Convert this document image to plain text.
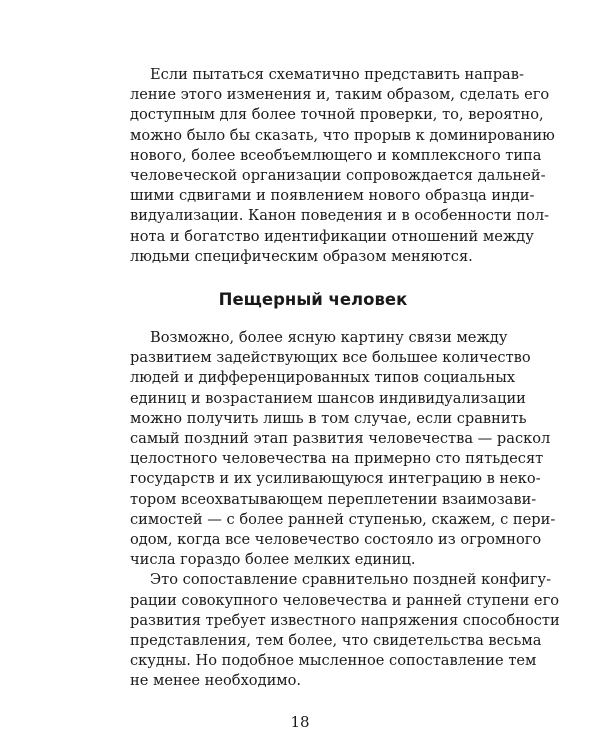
Если пытаться схематично представить направ-
ление этого изменения и, таким образом, сделать его
доступным для более точной проверки, то, вероятно,
можно было бы сказать, что прорыв к доминированию
нового, более всеобъемлющего и комплексного типа
человеческой организации сопровождается дальней-
шими сдвигами и появлением нового образца инди-
видуализации. Канон поведения и в особенности пол-
нота и богатство идентификации отношений между
людьми специфическим образом меняются.
Пещерный человек
Возможно, более ясную картину связи между
развитием задействующих все большее количество
людей и дифференцированных типов социальных
единиц и возрастанием шансов индивидуализации
можно получить лишь в том случае, если сравнить
самый поздний этап развития человечества — раскол
целостного человечества на примерно сто пятьдесят
государств и их усиливающуюся интеграцию в неко-
тором всеохватывающем переплетении взаимозави-
симостей — с более ранней ступенью, скажем, с пери-
одом, когда все человечество состояло из огромного
числа гораздо более мелких единиц.
Это сопоставление сравнительно поздней конфигу-
рации совокупного человечества и ранней ступени его
развития требует известного напряжения способности
представления, тем более, что свидетельства весьма
скудны. Но подобное мысленное сопоставление тем
не менее необходимо.
18
